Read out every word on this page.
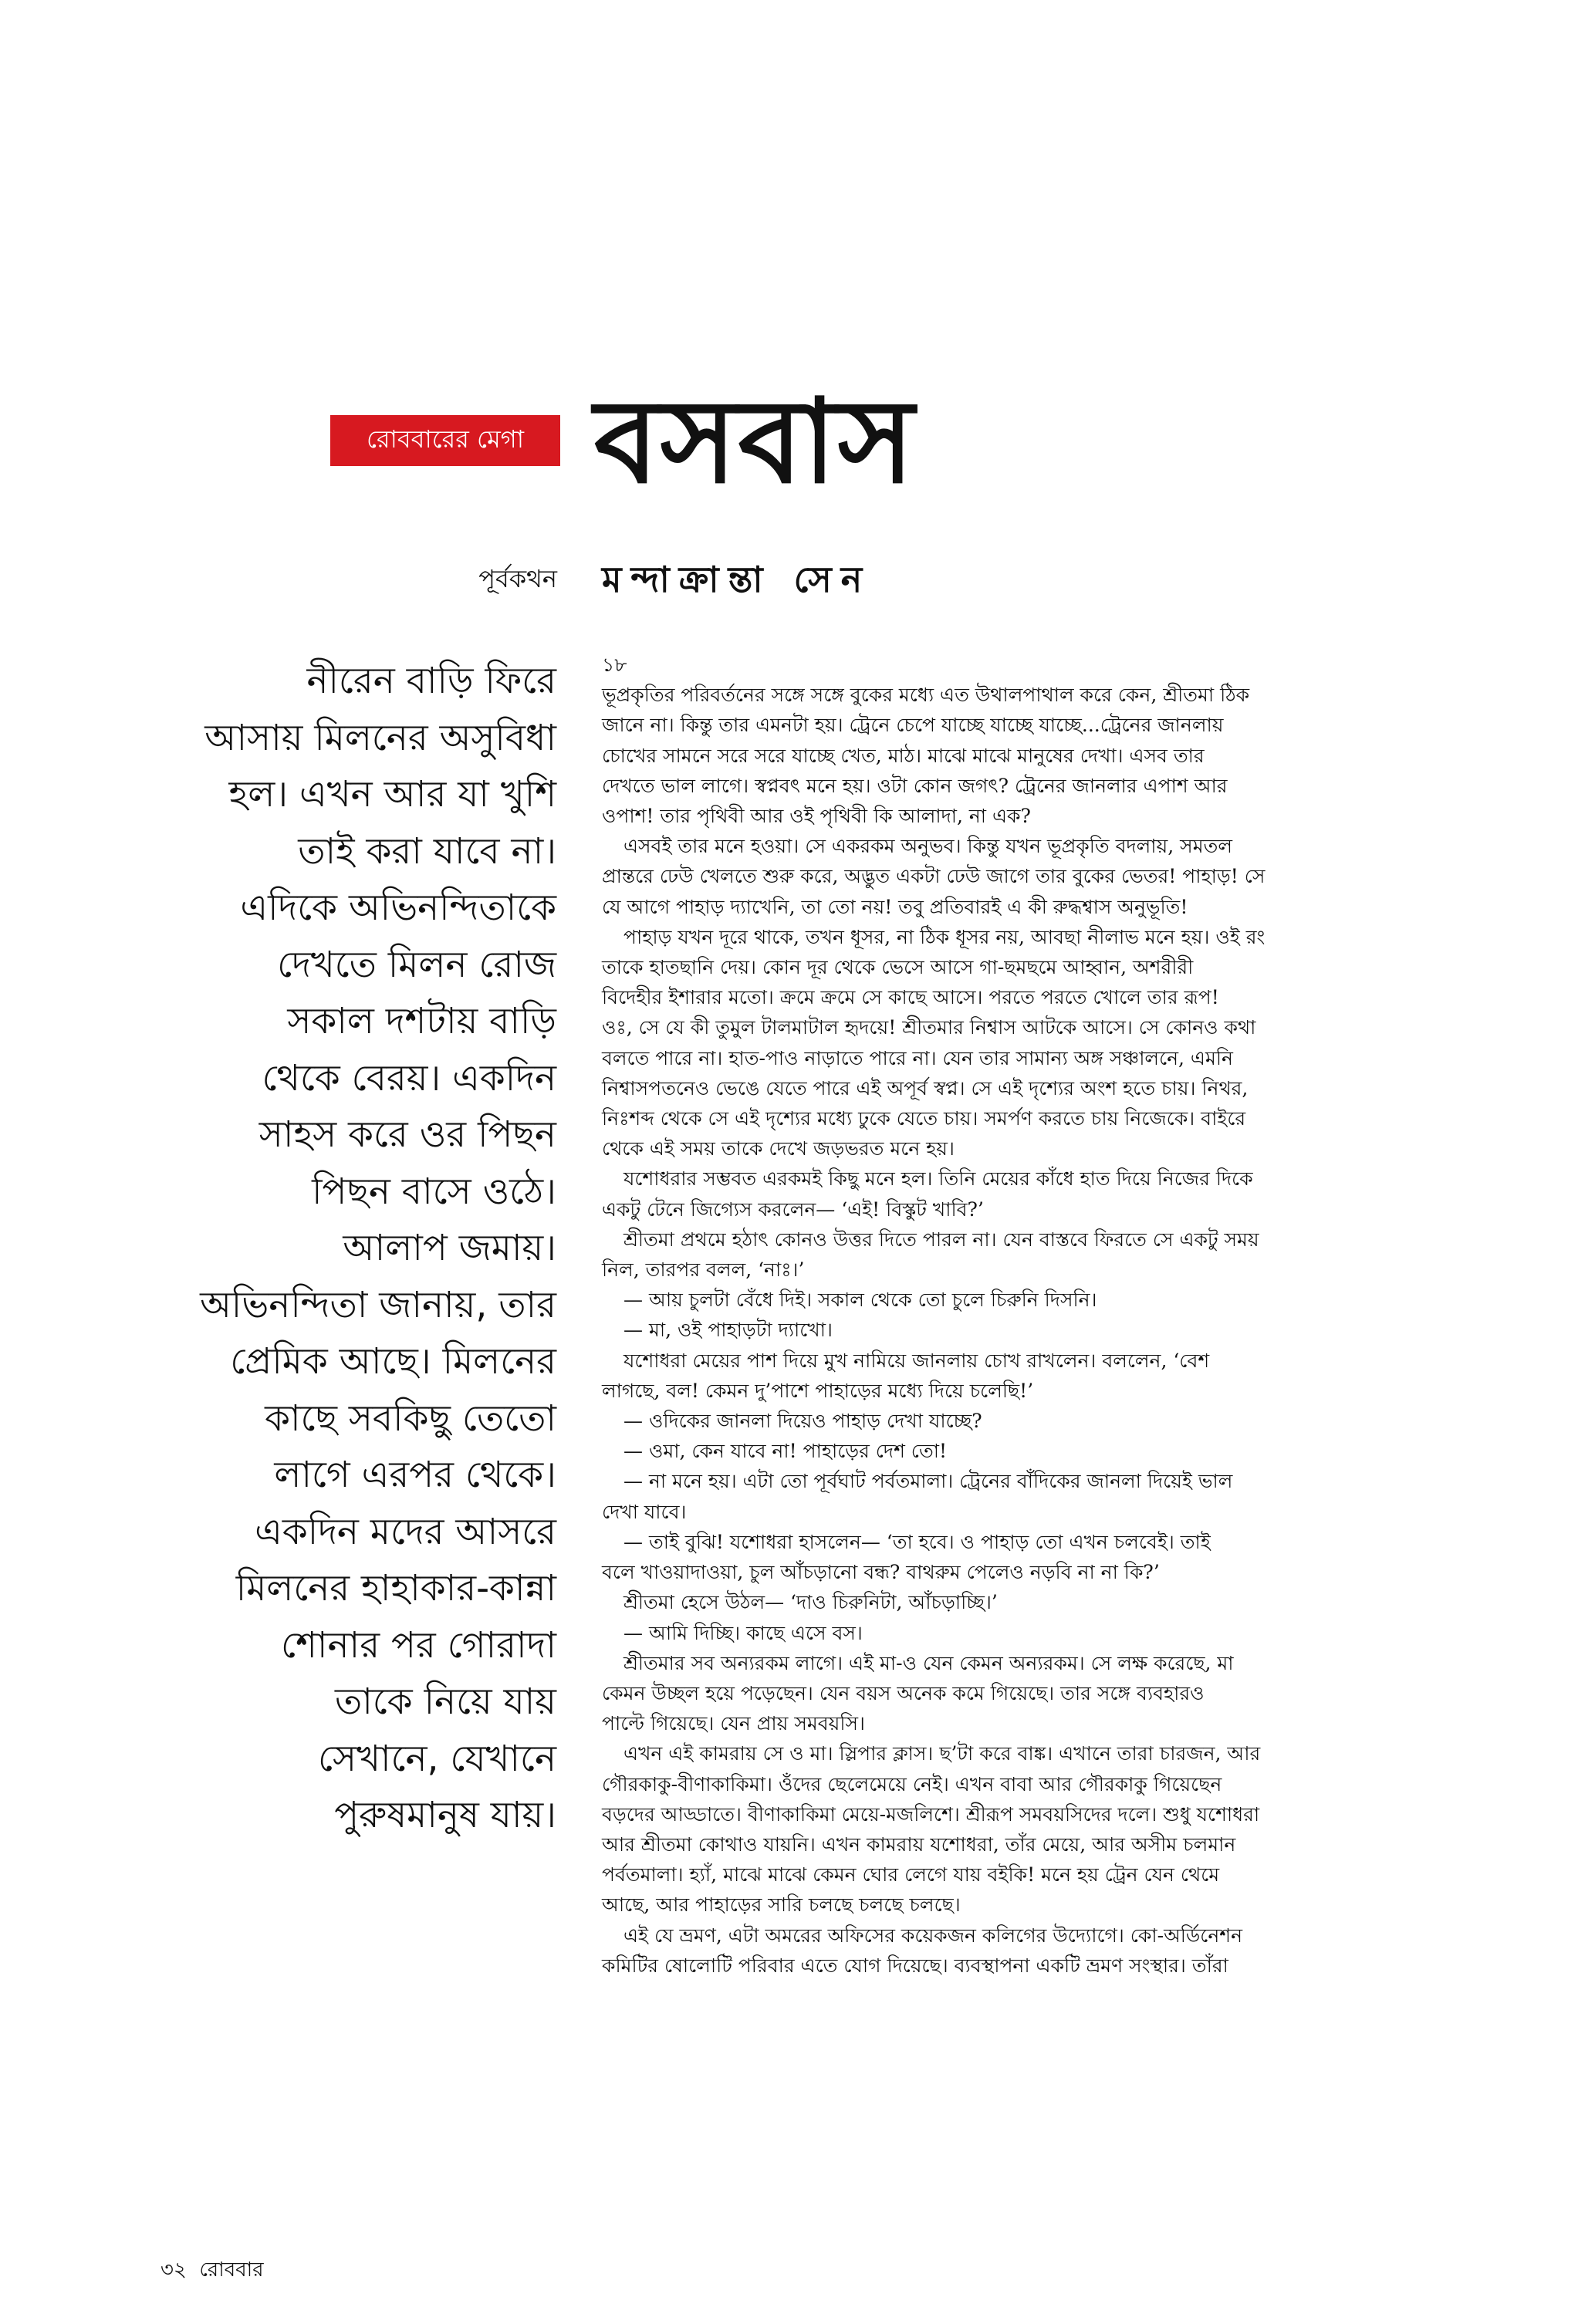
রোববারের মেগা বসবাস
পূর্বকথন মন্দাক্রান্তা সেন
নীরেন বাড়ি ফিরে
আসায় মিলনের অসুবিধা
হল। এখন আর যা খুশি
তাই করা যাবে না।
এদিকে অভিনন্দিতাকে
দেখতে মিলন রোজ
সকাল দশটায় বাড়ি
থেকে বেরয়। একদিন
সাহস করে ওর পিছন
পিছন বাসে ওঠে।
আলাপ জমায়।
অভিনন্দিতা জানায়, তার
প্রেমিক আছে। মিলনের
কাছে সবকিছু তেতো
লাগে এরপর থেকে।
একদিন মদের আসরে
মিলনের হাহাকার-কান্না
শোনার পর গোরাদা
তাকে নিয়ে যায়
সেখানে, যেখানে
পুরুষমানুষ যায়।
১৮
ভূপ্রকৃতির পরিবর্তনের সঙ্গে সঙ্গে বুকের মধ্যে এত উথালপাথাল করে কেন, শ্রীতমা ঠিক
জানে না। কিন্তু তার এমনটা হয়। ট্রেনে চেপে যাচ্ছে যাচ্ছে যাচ্ছে...ট্রেনের জানলায়
চোখের সামনে সরে সরে যাচ্ছে খেত, মাঠ। মাঝে মাঝে মানুষের দেখা। এসব তার
দেখতে ভাল লাগে। স্বপ্নবৎ মনে হয়। ওটা কোন জগৎ? ট্রেনের জানলার এপাশ আর
ওপাশ! তার পৃথিবী আর ওই পৃথিবী কি আলাদা, না এক?
এসবই তার মনে হওয়া। সে একরকম অনুভব। কিন্তু যখন ভূপ্রকৃতি বদলায়, সমতল
প্রান্তরে ঢেউ খেলতে শুরু করে, অদ্ভুত একটা ঢেউ জাগে তার বুকের ভেতর! পাহাড়! সে
যে আগে পাহাড় দ্যাখেনি, তা তো নয়! তবু প্রতিবারই এ কী রুদ্ধশ্বাস অনুভূতি!
পাহাড় যখন দূরে থাকে, তখন ধূসর, না ঠিক ধূসর নয়, আবছা নীলাভ মনে হয়। ওই রং
তাকে হাতছানি দেয়। কোন দূর থেকে ভেসে আসে গা-ছমছমে আহ্বান, অশরীরী
বিদেহীর ইশারার মতো। ক্রমে ক্রমে সে কাছে আসে। পরতে পরতে খোলে তার রূপ!
ওঃ, সে যে কী তুমুল টালমাটাল হৃদয়ে! শ্রীতমার নিশ্বাস আটকে আসে। সে কোনও কথা
বলতে পারে না। হাত-পাও নাড়াতে পারে না। যেন তার সামান্য অঙ্গ সঞ্চালনে, এমনি
নিশ্বাসপতনেও ভেঙে যেতে পারে এই অপূর্ব স্বপ্ন। সে এই দৃশ্যের অংশ হতে চায়। নিথর,
নিঃশব্দ থেকে সে এই দৃশ্যের মধ্যে ঢুকে যেতে চায়। সমর্পণ করতে চায় নিজেকে। বাইরে
থেকে এই সময় তাকে দেখে জড়ভরত মনে হয়।
যশোধরার সম্ভবত এরকমই কিছু মনে হল। তিনি মেয়ের কাঁধে হাত দিয়ে নিজের দিকে
একটু টেনে জিগ্যেস করলেন— ‘এই! বিস্কুট খাবি?’
শ্রীতমা প্রথমে হঠাৎ কোনও উত্তর দিতে পারল না। যেন বাস্তবে ফিরতে সে একটু সময়
নিল, তারপর বলল, ‘নাঃ।’
— আয় চুলটা বেঁধে দিই। সকাল থেকে তো চুলে চিরুনি দিসনি।
— মা, ওই পাহাড়টা দ্যাখো।
যশোধরা মেয়ের পাশ দিয়ে মুখ নামিয়ে জানলায় চোখ রাখলেন। বললেন, ‘বেশ
লাগছে, বল! কেমন দু’পাশে পাহাড়ের মধ্যে দিয়ে চলেছি!’
— ওদিকের জানলা দিয়েও পাহাড় দেখা যাচ্ছে?
— ওমা, কেন যাবে না! পাহাড়ের দেশ তো!
— না মনে হয়। এটা তো পূর্বঘাট পর্বতমালা। ট্রেনের বাঁদিকের জানলা দিয়েই ভাল
দেখা যাবে।
— তাই বুঝি! যশোধরা হাসলেন— ‘তা হবে। ও পাহাড় তো এখন চলবেই। তাই
বলে খাওয়াদাওয়া, চুল আঁচড়ানো বন্ধ? বাথরুম পেলেও নড়বি না না কি?’
শ্রীতমা হেসে উঠল— ‘দাও চিরুনিটা, আঁচড়াচ্ছি।’
— আমি দিচ্ছি। কাছে এসে বস।
শ্রীতমার সব অন্যরকম লাগে। এই মা-ও যেন কেমন অন্যরকম। সে লক্ষ করেছে, মা
কেমন উচ্ছল হয়ে পড়েছেন। যেন বয়স অনেক কমে গিয়েছে। তার সঙ্গে ব্যবহারও
পাল্টে গিয়েছে। যেন প্রায় সমবয়সি।
এখন এই কামরায় সে ও মা। স্লিপার ক্লাস। ছ’টা করে বাঙ্ক। এখানে তারা চারজন, আর
গৌরকাকু-বীণাকাকিমা। ওঁদের ছেলেমেয়ে নেই। এখন বাবা আর গৌরকাকু গিয়েছেন
বড়দের আড্ডাতে। বীণাকাকিমা মেয়ে-মজলিশে। শ্রীরূপ সমবয়সিদের দলে। শুধু যশোধরা
আর শ্রীতমা কোথাও যায়নি। এখন কামরায় যশোধরা, তাঁর মেয়ে, আর অসীম চলমান
পর্বতমালা। হ্যাঁ, মাঝে মাঝে কেমন ঘোর লেগে যায় বইকি! মনে হয় ট্রেন যেন থেমে
আছে, আর পাহাড়ের সারি চলছে চলছে চলছে।
এই যে ভ্রমণ, এটা অমরের অফিসের কয়েকজন কলিগের উদ্যোগে। কো-অর্ডিনেশন
কমিটির ষোলোটি পরিবার এতে যোগ দিয়েছে। ব্যবস্থাপনা একটি ভ্রমণ সংস্থার। তাঁরা
৩২ রোববার
